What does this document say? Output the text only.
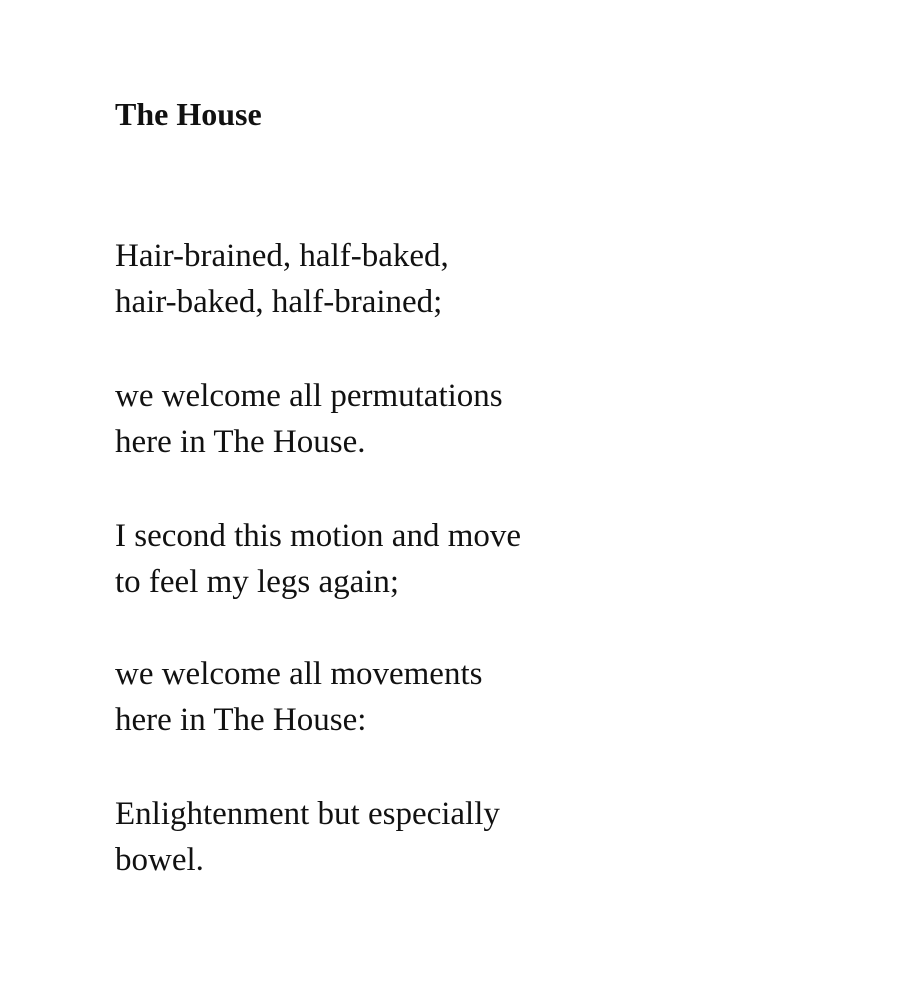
The House

Hair-brained, half-baked,
hair-baked, half-brained;

we welcome all permutations
here in The House.

I second this motion and move
to feel my legs again;

we welcome all movements
here in The House:

Enlightenment but especially
bowel.
